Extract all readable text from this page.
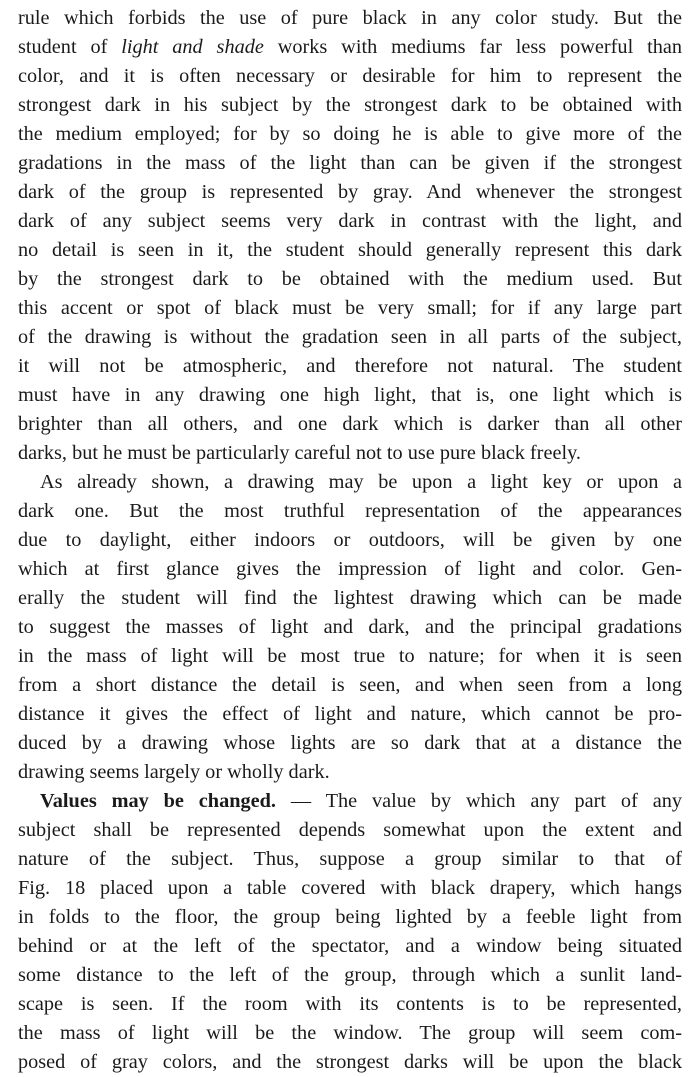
rule which forbids the use of pure black in any color study. But the
student of light and shade works with mediums far less powerful than
color, and it is often necessary or desirable for him to represent the
strongest dark in his subject by the strongest dark to be obtained with
the medium employed; for by so doing he is able to give more of the
gradations in the mass of the light than can be given if the strongest
dark of the group is represented by gray. And whenever the strongest
dark of any subject seems very dark in contrast with the light, and
no detail is seen in it, the student should generally represent this dark
by the strongest dark to be obtained with the medium used. But
this accent or spot of black must be very small; for if any large part
of the drawing is without the gradation seen in all parts of the subject,
it will not be atmospheric, and therefore not natural. The student
must have in any drawing one high light, that is, one light which is
brighter than all others, and one dark which is darker than all other
darks, but he must be particularly careful not to use pure black freely.
As already shown, a drawing may be upon a light key or upon a
dark one. But the most truthful representation of the appearances
due to daylight, either indoors or outdoors, will be given by one
which at first glance gives the impression of light and color. Gen-
erally the student will find the lightest drawing which can be made
to suggest the masses of light and dark, and the principal gradations
in the mass of light will be most true to nature; for when it is seen
from a short distance the detail is seen, and when seen from a long
distance it gives the effect of light and nature, which cannot be pro-
duced by a drawing whose lights are so dark that at a distance the
drawing seems largely or wholly dark.
Values may be changed. — The value by which any part of any
subject shall be represented depends somewhat upon the extent and
nature of the subject. Thus, suppose a group similar to that of
Fig. 18 placed upon a table covered with black drapery, which hangs
in folds to the floor, the group being lighted by a feeble light from
behind or at the left of the spectator, and a window being situated
some distance to the left of the group, through which a sunlit land-
scape is seen. If the room with its contents is to be represented,
the mass of light will be the window. The group will seem com-
posed of gray colors, and the strongest darks will be upon the black
